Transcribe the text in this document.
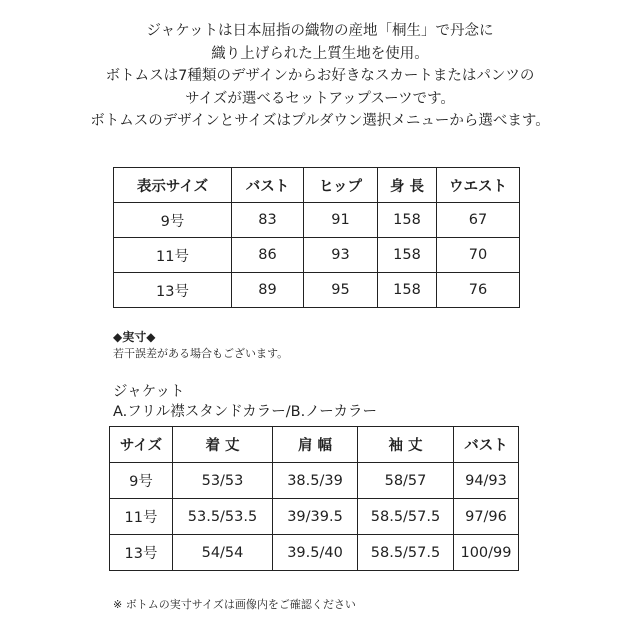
ジャケットは日本屈指の織物の産地「桐生」で丹念に
織り上げられた上質生地を使用。
ボトムスは7種類のデザインからお好きなスカートまたはパンツの
サイズが選べるセットアップスーツです。
ボトムスのデザインとサイズはプルダウン選択メニューから選べます。
表示サイズ	バスト	ヒップ	身 長	ウエスト
9号	83	91	158	67
11号	86	93	158	70
13号	89	95	158	76
◆実寸◆
若干誤差がある場合もございます。
ジャケット
A.フリル襟スタンドカラー/B.ノーカラー
サイズ	着 丈	肩 幅	袖 丈	バスト
9号	53/53	38.5/39	58/57	94/93
11号	53.5/53.5	39/39.5	58.5/57.5	97/96
13号	54/54	39.5/40	58.5/57.5	100/99
※ ボトムの実寸サイズは画像内をご確認ください
